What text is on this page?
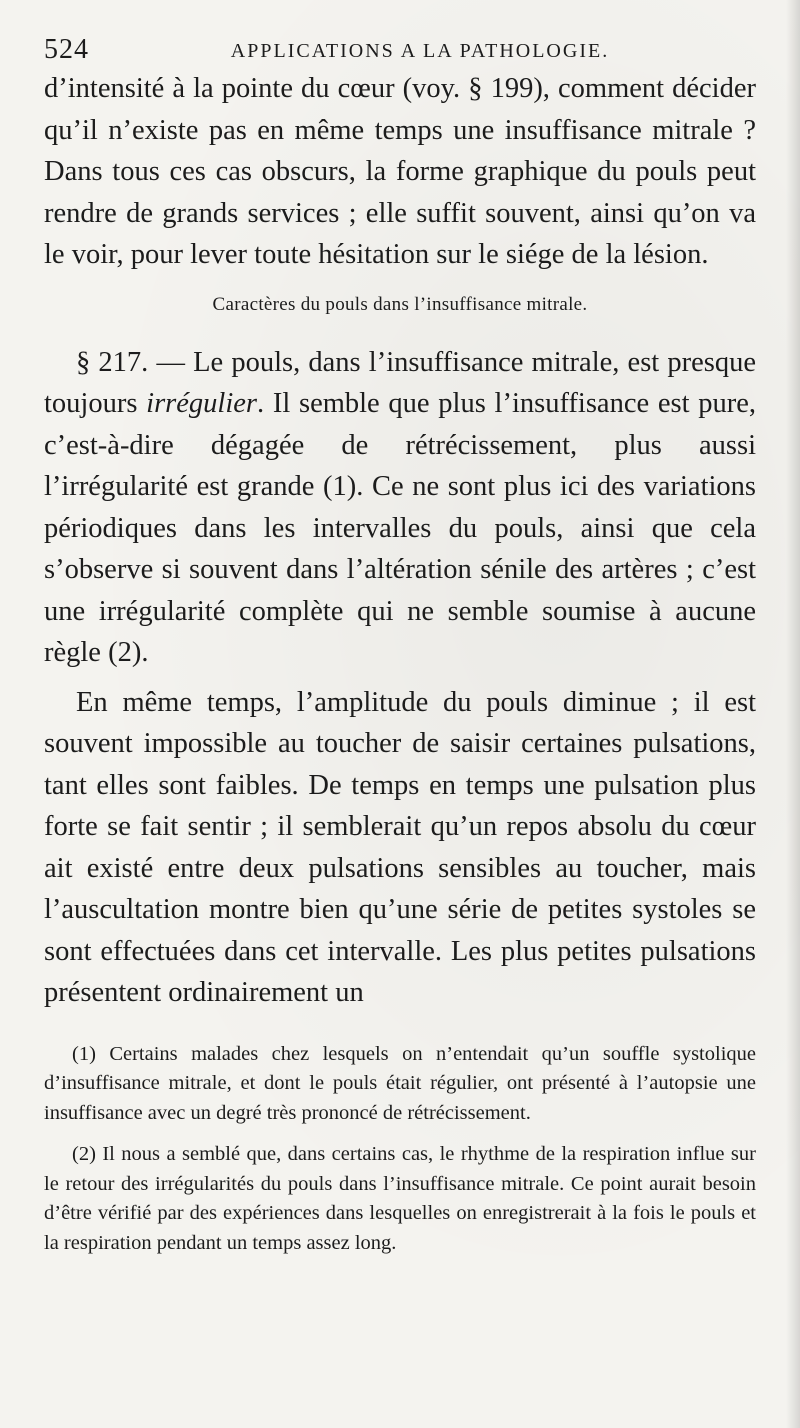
524	APPLICATIONS A LA PATHOLOGIE.

d’intensité à la pointe du cœur (voy. § 199), comment décider qu’il n’existe pas en même temps une insuffisance mitrale ? Dans tous ces cas obscurs, la forme graphique du pouls peut rendre de grands services ; elle suffit souvent, ainsi qu’on va le voir, pour lever toute hésitation sur le siége de la lésion.

Caractères du pouls dans l’insuffisance mitrale.

§ 217. — Le pouls, dans l’insuffisance mitrale, est presque toujours irrégulier. Il semble que plus l’insuffisance est pure, c’est-à-dire dégagée de rétrécissement, plus aussi l’irrégularité est grande (1). Ce ne sont plus ici des variations périodiques dans les intervalles du pouls, ainsi que cela s’observe si souvent dans l’altération sénile des artères ; c’est une irrégularité complète qui ne semble soumise à aucune règle (2).

En même temps, l’amplitude du pouls diminue ; il est souvent impossible au toucher de saisir certaines pulsations, tant elles sont faibles. De temps en temps une pulsation plus forte se fait sentir ; il semblerait qu’un repos absolu du cœur ait existé entre deux pulsations sensibles au toucher, mais l’auscultation montre bien qu’une série de petites systoles se sont effectuées dans cet intervalle. Les plus petites pulsations présentent ordinairement un

(1) Certains malades chez lesquels on n’entendait qu’un souffle systolique d’insuffisance mitrale, et dont le pouls était régulier, ont présenté à l’autopsie une insuffisance avec un degré très prononcé de rétrécissement.

(2) Il nous a semblé que, dans certains cas, le rhythme de la respiration influe sur le retour des irrégularités du pouls dans l’insuffisance mitrale. Ce point aurait besoin d’être vérifié par des expériences dans lesquelles on enregistrerait à la fois le pouls et la respiration pendant un temps assez long.
